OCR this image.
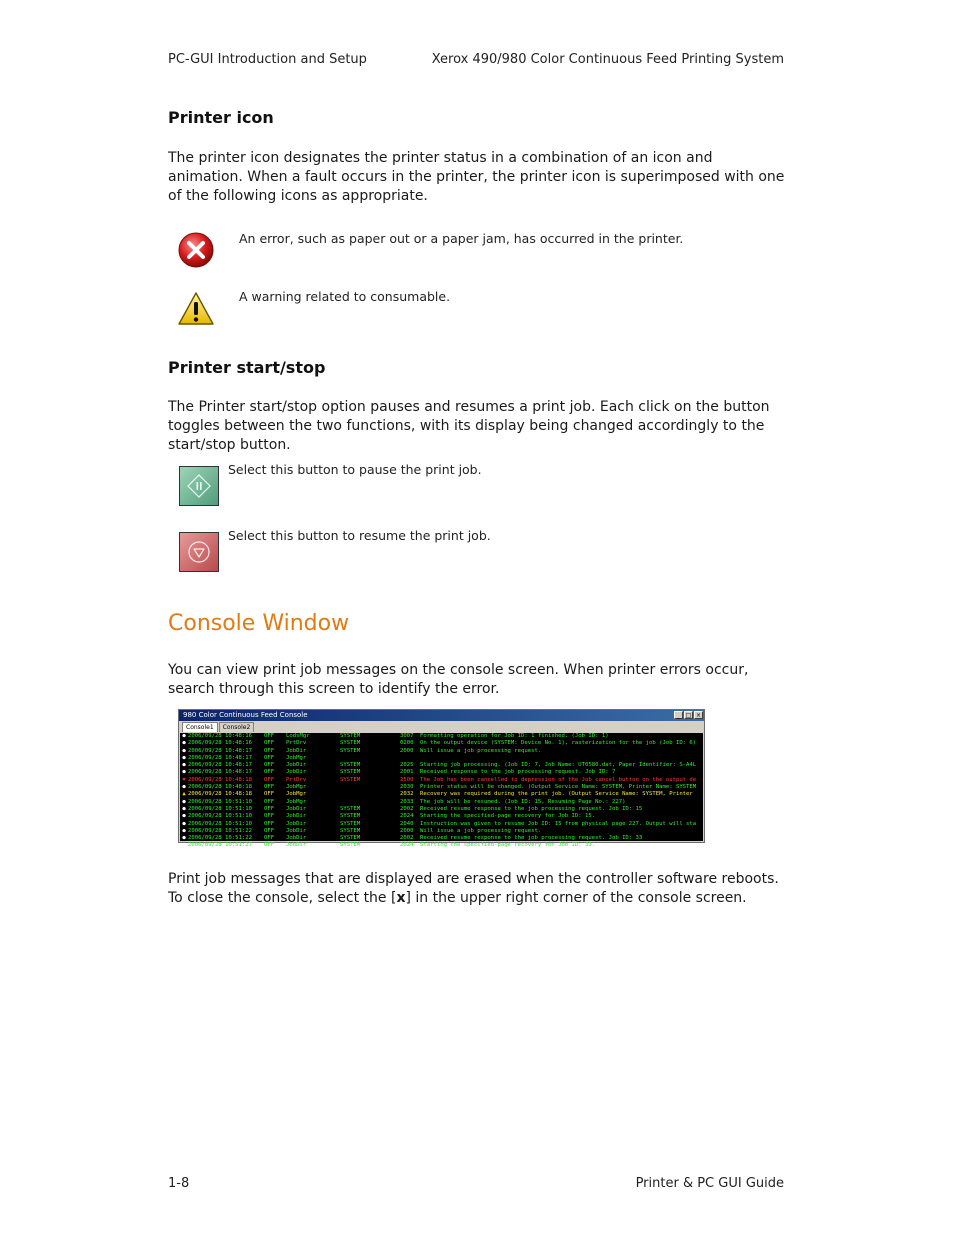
PC-GUI Introduction and Setup	Xerox 490/980 Color Continuous Feed Printing System
Printer icon
The printer icon designates the printer status in a combination of an icon and animation. When a fault occurs in the printer, the printer icon is superimposed with one of the following icons as appropriate.
An error, such as paper out or a paper jam, has occurred in the printer.
A warning related to consumable.
Printer start/stop
The Printer start/stop option pauses and resumes a print job. Each click on the button toggles between the two functions, with its display being changed accordingly to the start/stop button.
Select this button to pause the print job.
Select this button to resume the print job.
Console Window
You can view print job messages on the console screen. When printer errors occur, search through this screen to identify the error.
980 Color Continuous Feed Console	_ □ ×
Console1	Console2
● 2006/09/28 10:48:16	OFF	LodsMgr	SYSTEM	3007	Formatting operation for Job ID: 1 finished. (Job ID: 1)
● 2006/09/28 10:48:16	OFF	PrtDrv	SYSTEM	0200	On the output device (SYSTEM: Device No. 1), rasterization for the job (Job ID: 6)
● 2006/09/28 10:48:17	OFF	JobDir	SYSTEM	2000	Will issue a job processing request.
● 2006/09/28 10:48:17	OFF	JobMgr
● 2006/09/28 10:48:17	OFF	JobDir	SYSTEM	2025	Starting job processing. (Job ID: 7, Job Name: UT0580.dat, Paper Identifier: S-A4L
● 2006/09/28 10:48:17	OFF	JobDir	SYSTEM	2001	Received response to the job processing request. Job ID: 7
✖ 2006/09/28 10:48:18	OFF	PrtDrv	SYSTEM	2500	The Job has been cancelled to depression of the Job cancel button on the output de
● 2006/09/28 10:48:18	OFF	JobMgr	2030	Printer status will be changed. (Output Service Name: SYSTEM, Printer Name: SYSTEM
▲ 2006/09/28 10:48:18	OFF	JobMgr	2032	Recovery was required during the print job. (Output Service Name: SYSTEM, Printer
● 2006/09/28 10:51:10	OFF	JobMgr	2033	The job will be resumed. (Job ID: 15, Resuming Page No.: 227)
● 2006/09/28 10:51:10	OFF	JobDir	SYSTEM	2002	Received resume response to the job processing request. Job ID: 15
● 2006/09/28 10:51:10	OFF	JobDir	SYSTEM	2024	Starting the specified-page recovery for Job ID: 15.
● 2006/09/28 10:51:10	OFF	JobDir	SYSTEM	2040	Instruction was given to resume Job ID: 15 from physical page 227. Output will sta
● 2006/09/28 10:51:22	OFF	JobDir	SYSTEM	2000	Will issue a job processing request.
● 2006/09/28 10:51:22	OFF	JobDir	SYSTEM	2002	Received resume response to the job processing request. Job ID: 33
● 2006/09/28 10:51:27	OFF	JobDir	SYSTEM	2024	Starting the specified-page recovery for Job ID: 33.
Print job messages that are displayed are erased when the controller software reboots. To close the console, select the [x] in the upper right corner of the console screen.
1-8	Printer & PC GUI Guide
